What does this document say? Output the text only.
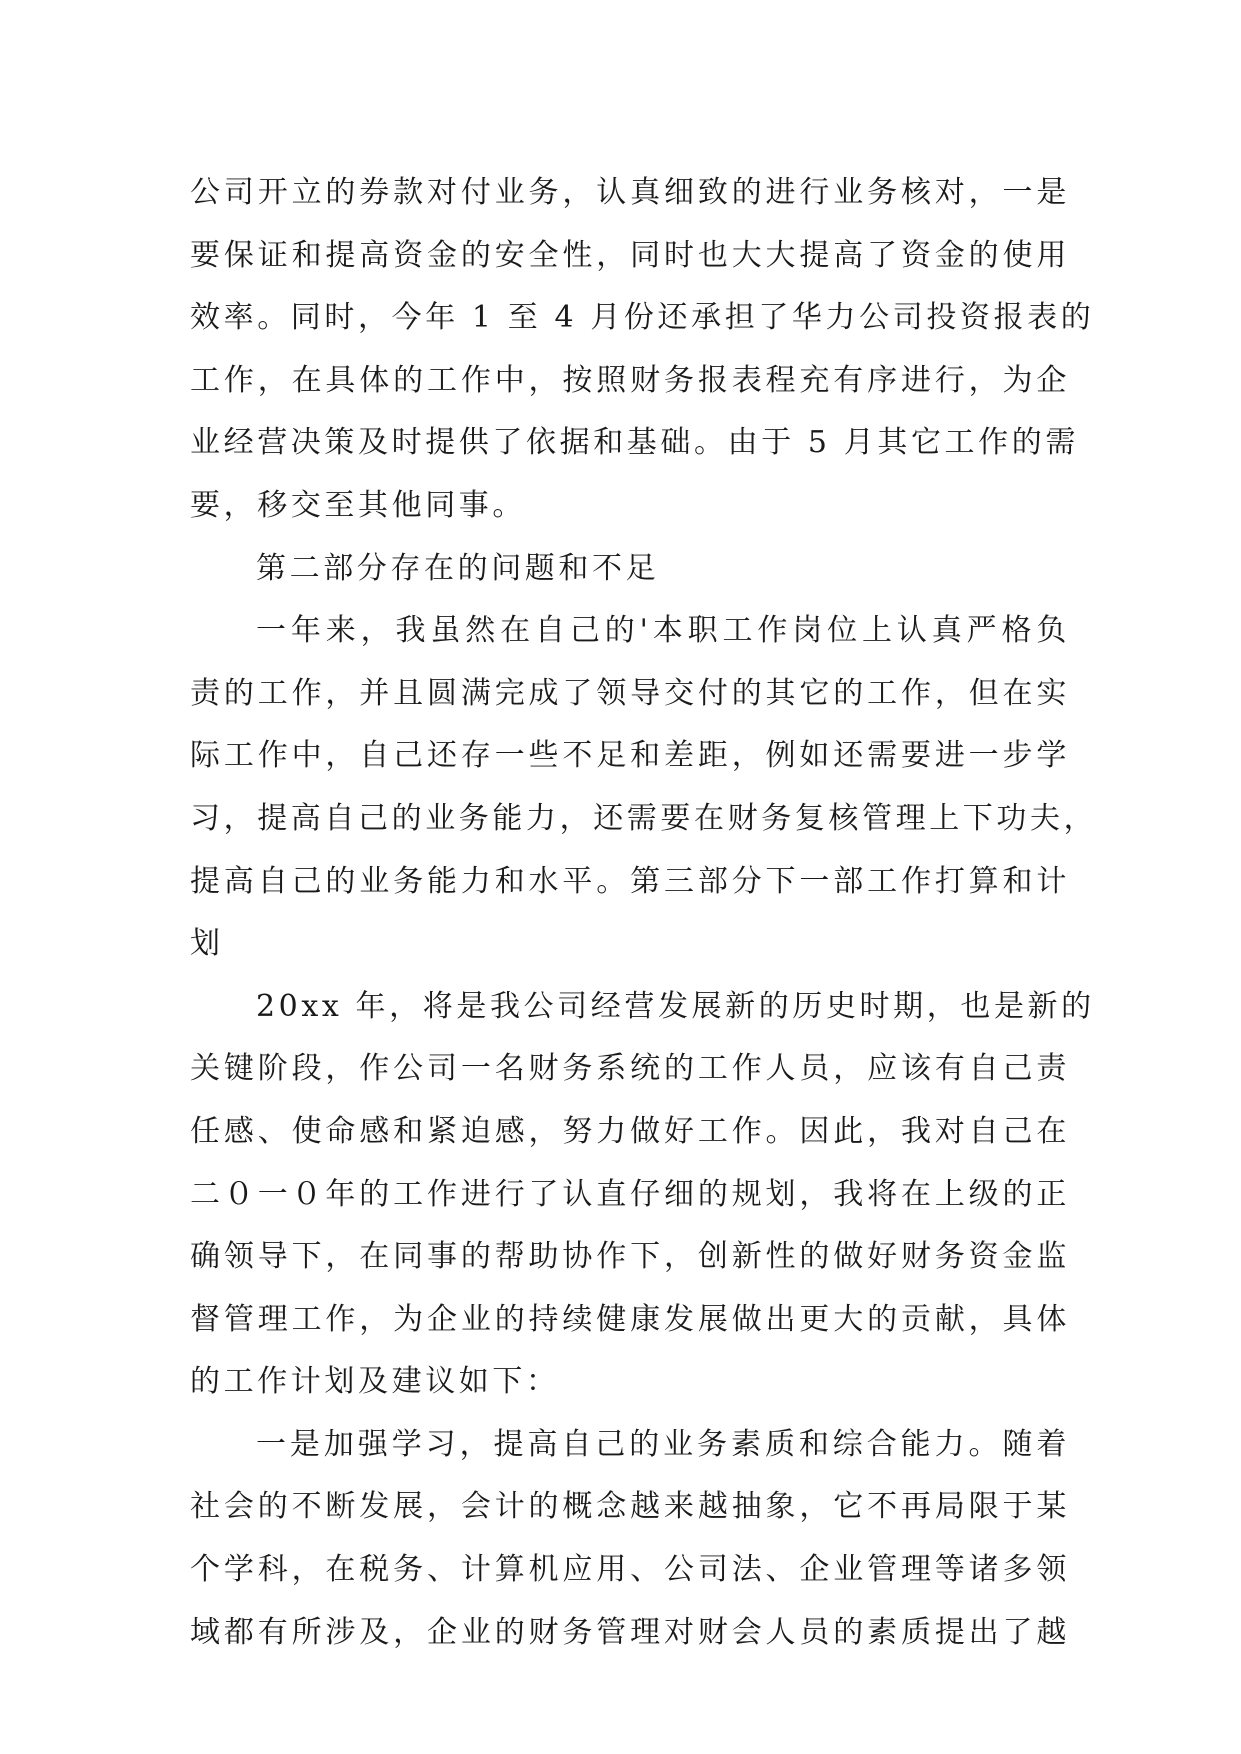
公司开立的券款对付业务，认真细致的进行业务核对，一是
要保证和提高资金的安全性，同时也大大提高了资金的使用
效率。同时，今年 1 至 4 月份还承担了华力公司投资报表的
工作，在具体的工作中，按照财务报表程充有序进行，为企
业经营决策及时提供了依据和基础。由于 5 月其它工作的需
要，移交至其他同事。
第二部分存在的问题和不足
一年来，我虽然在自己的'本职工作岗位上认真严格负
责的工作，并且圆满完成了领导交付的其它的工作，但在实
际工作中，自己还存一些不足和差距，例如还需要进一步学
习，提高自己的业务能力，还需要在财务复核管理上下功夫，
提高自己的业务能力和水平。第三部分下一部工作打算和计
划
20xx 年，将是我公司经营发展新的历史时期，也是新的
关键阶段，作公司一名财务系统的工作人员，应该有自己责
任感、使命感和紧迫感，努力做好工作。因此，我对自己在
二０一０年的工作进行了认直仔细的规划，我将在上级的正
确领导下，在同事的帮助协作下，创新性的做好财务资金监
督管理工作，为企业的持续健康发展做出更大的贡献，具体
的工作计划及建议如下：
一是加强学习，提高自己的业务素质和综合能力。随着
社会的不断发展，会计的概念越来越抽象，它不再局限于某
个学科，在税务、计算机应用、公司法、企业管理等诸多领
域都有所涉及，企业的财务管理对财会人员的素质提出了越
